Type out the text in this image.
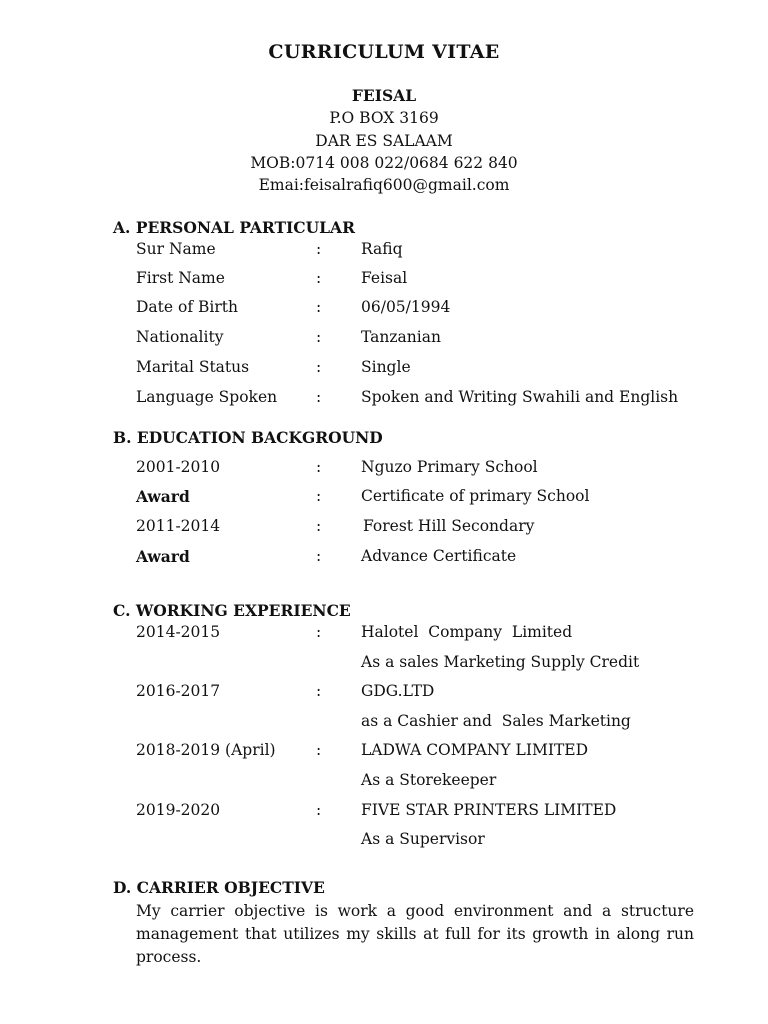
CURRICULUM VITAE
FEISAL
P.O BOX 3169
DAR ES SALAAM
MOB:0714 008 022/0684 622 840
Emai:feisalrafiq600@gmail.com
A. PERSONAL PARTICULAR
Sur Name	:	Rafiq
First Name	:	Feisal
Date of Birth	:	06/05/1994
Nationality	:	Tanzanian
Marital Status	:	Single
Language Spoken	:	Spoken and Writing Swahili and English
B. EDUCATION BACKGROUND
2001-2010	:	Nguzo Primary School
Award	:	Certificate of primary School
2011-2014	:	Forest Hill Secondary
Award	:	Advance Certificate
C. WORKING EXPERIENCE
2014-2015	:	Halotel  Company  Limited
As a sales Marketing Supply Credit
2016-2017	:	GDG.LTD
as a Cashier and  Sales Marketing
2018-2019 (April)	:	LADWA COMPANY LIMITED
As a Storekeeper
2019-2020	:	FIVE STAR PRINTERS LIMITED
As a Supervisor
D. CARRIER OBJECTIVE
My carrier objective is work a good environment and a structure management that utilizes my skills at full for its growth in along run process.
